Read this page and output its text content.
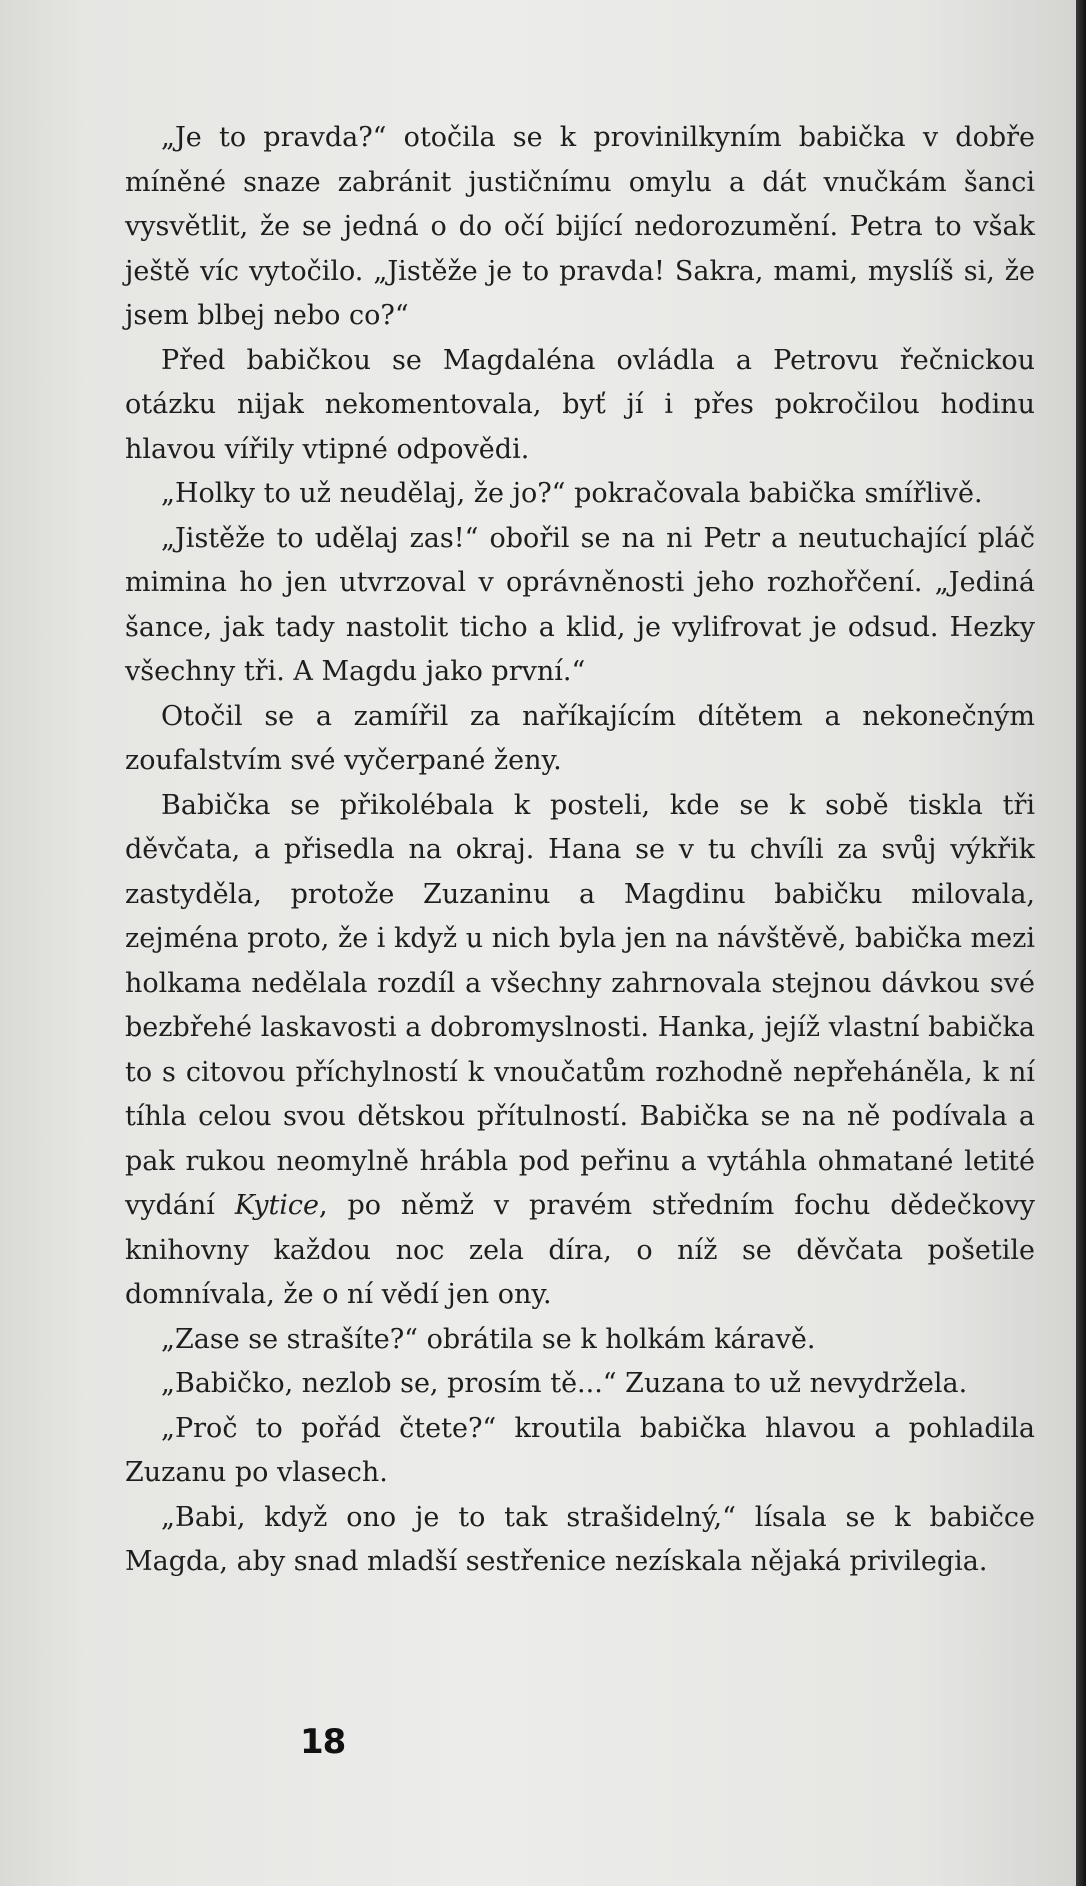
„Je to pravda?“ otočila se k provinilkyním babička v dobře míněné snaze zabránit justičnímu omylu a dát vnučkám šanci vysvětlit, že se jedná o do očí bijící nedorozumění. Petra to však ještě víc vytočilo. „Jistěže je to pravda! Sakra, mami, myslíš si, že jsem blbej nebo co?“

Před babičkou se Magdaléna ovládla a Petrovu řečnickou otázku nijak nekomentovala, byť jí i přes pokročilou hodinu hlavou vířily vtipné odpovědi.

„Holky to už neudělaj, že jo?“ pokračovala babička smířlivě.

„Jistěže to udělaj zas!“ obořil se na ni Petr a neutuchající pláč mimina ho jen utvrzoval v oprávněnosti jeho rozhořčení. „Jediná šance, jak tady nastolit ticho a klid, je vylifrovat je odsud. Hezky všechny tři. A Magdu jako první.“

Otočil se a zamířil za naříkajícím dítětem a nekonečným zoufalstvím své vyčerpané ženy.

Babička se přikolébala k posteli, kde se k sobě tiskla tři děvčata, a přisedla na okraj. Hana se v tu chvíli za svůj výkřik zastyděla, protože Zuzaninu a Magdinu babičku milovala, zejména proto, že i když u nich byla jen na návštěvě, babička mezi holkama nedělala rozdíl a všechny zahrnovala stejnou dávkou své bezbřehé laskavosti a dobromyslnosti. Hanka, jejíž vlastní babička to s citovou příchylností k vnoučatům rozhodně nepřeháněla, k ní tíhla celou svou dětskou přítulností. Babička se na ně podívala a pak rukou neomylně hrábla pod peřinu a vytáhla ohmatané letité vydání Kytice, po němž v pravém středním fochu dědečkovy knihovny každou noc zela díra, o níž se děvčata pošetile domnívala, že o ní vědí jen ony.

„Zase se strašíte?“ obrátila se k holkám káravě.

„Babičko, nezlob se, prosím tě...“ Zuzana to už nevydržela.

„Proč to pořád čtete?“ kroutila babička hlavou a pohladila Zuzanu po vlasech.

„Babi, když ono je to tak strašidelný,“ lísala se k babičce Magda, aby snad mladší sestřenice nezískala nějaká privilegia.

18
